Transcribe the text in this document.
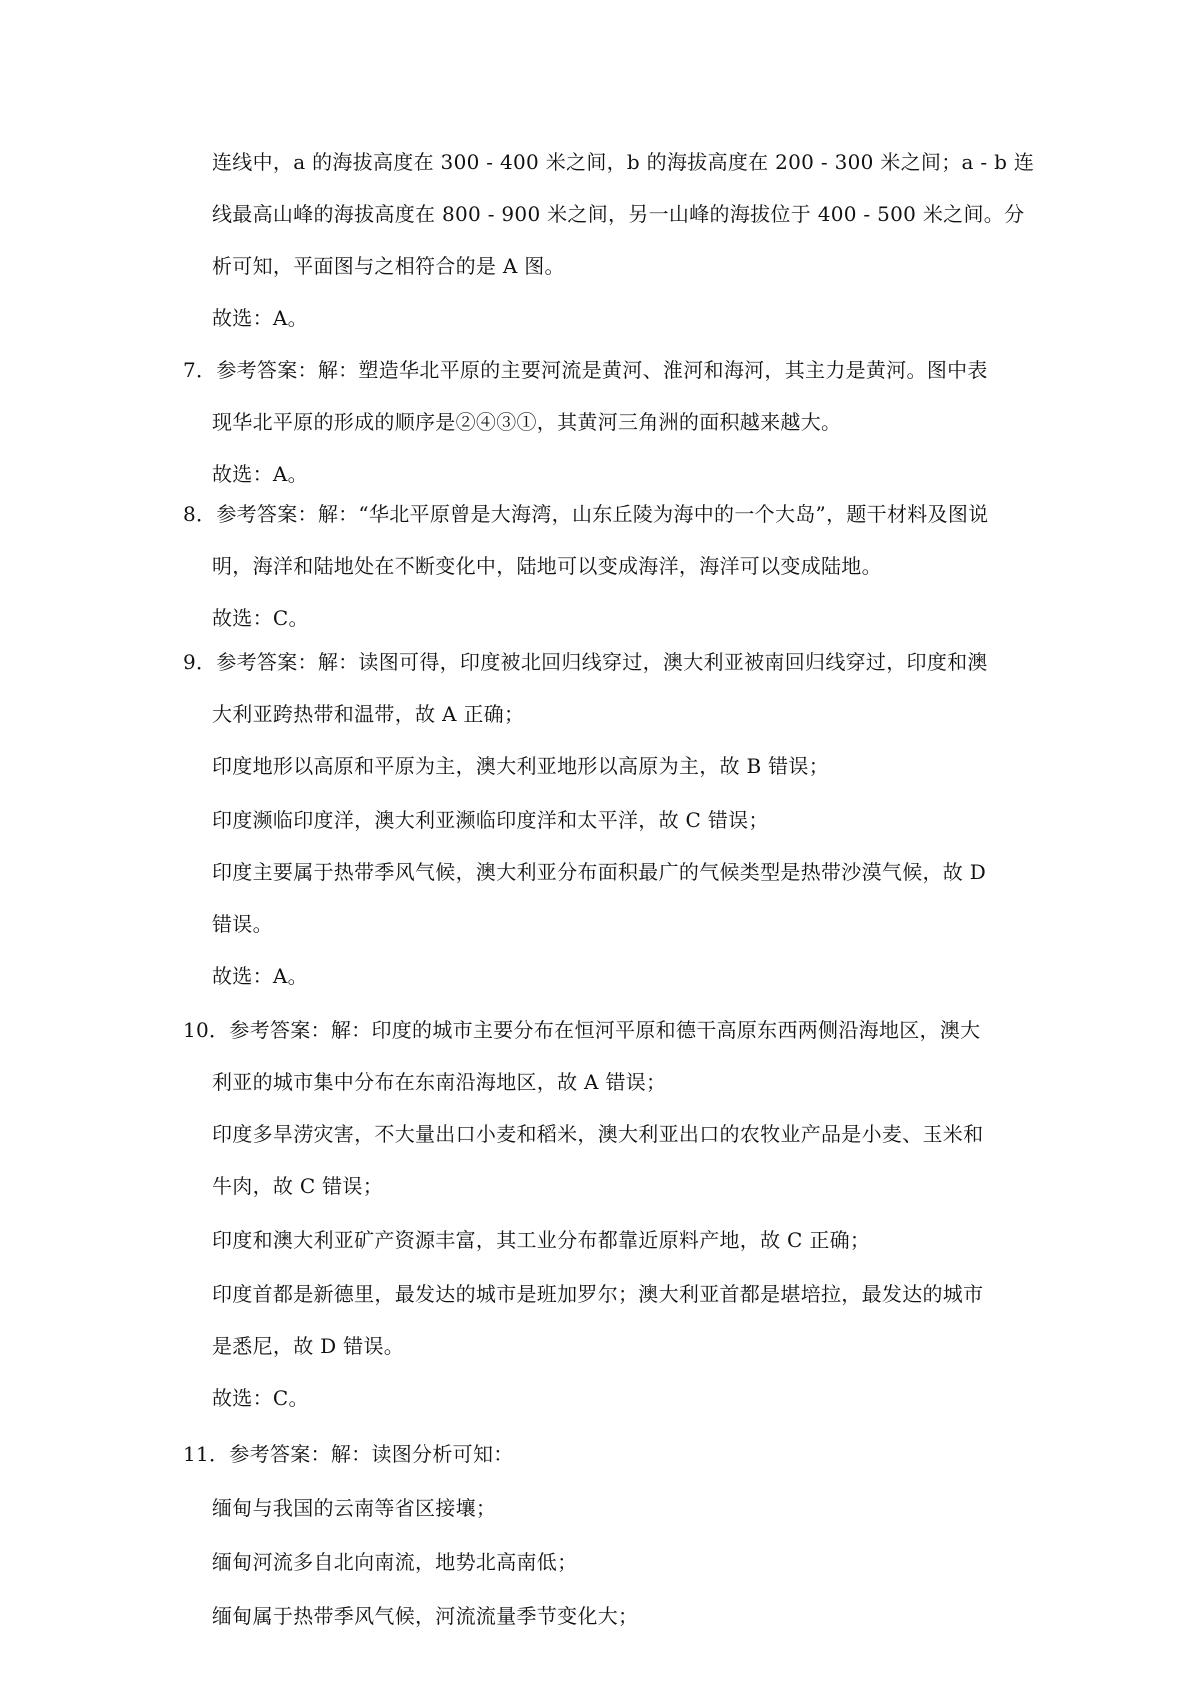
连线中，a 的海拔高度在 300 - 400 米之间，b 的海拔高度在 200 - 300 米之间；a - b 连
线最高山峰的海拔高度在 800 - 900 米之间，另一山峰的海拔位于 400 - 500 米之间。分
析可知，平面图与之相符合的是 A 图。
故选：A。
7．参考答案：解：塑造华北平原的主要河流是黄河、淮河和海河，其主力是黄河。图中表
现华北平原的形成的顺序是②④③①，其黄河三角洲的面积越来越大。
故选：A。
8．参考答案：解：“华北平原曾是大海湾，山东丘陵为海中的一个大岛”，题干材料及图说
明，海洋和陆地处在不断变化中，陆地可以变成海洋，海洋可以变成陆地。
故选：C。
9．参考答案：解：读图可得，印度被北回归线穿过，澳大利亚被南回归线穿过，印度和澳
大利亚跨热带和温带，故 A 正确；
印度地形以高原和平原为主，澳大利亚地形以高原为主，故 B 错误；
印度濒临印度洋，澳大利亚濒临印度洋和太平洋，故 C 错误；
印度主要属于热带季风气候，澳大利亚分布面积最广的气候类型是热带沙漠气候，故 D
错误。
故选：A。
10．参考答案：解：印度的城市主要分布在恒河平原和德干高原东西两侧沿海地区，澳大
利亚的城市集中分布在东南沿海地区，故 A 错误；
印度多旱涝灾害，不大量出口小麦和稻米，澳大利亚出口的农牧业产品是小麦、玉米和
牛肉，故 C 错误；
印度和澳大利亚矿产资源丰富，其工业分布都靠近原料产地，故 C 正确；
印度首都是新德里，最发达的城市是班加罗尔；澳大利亚首都是堪培拉，最发达的城市
是悉尼，故 D 错误。
故选：C。
11．参考答案：解：读图分析可知：
缅甸与我国的云南等省区接壤；
缅甸河流多自北向南流，地势北高南低；
缅甸属于热带季风气候，河流流量季节变化大；
